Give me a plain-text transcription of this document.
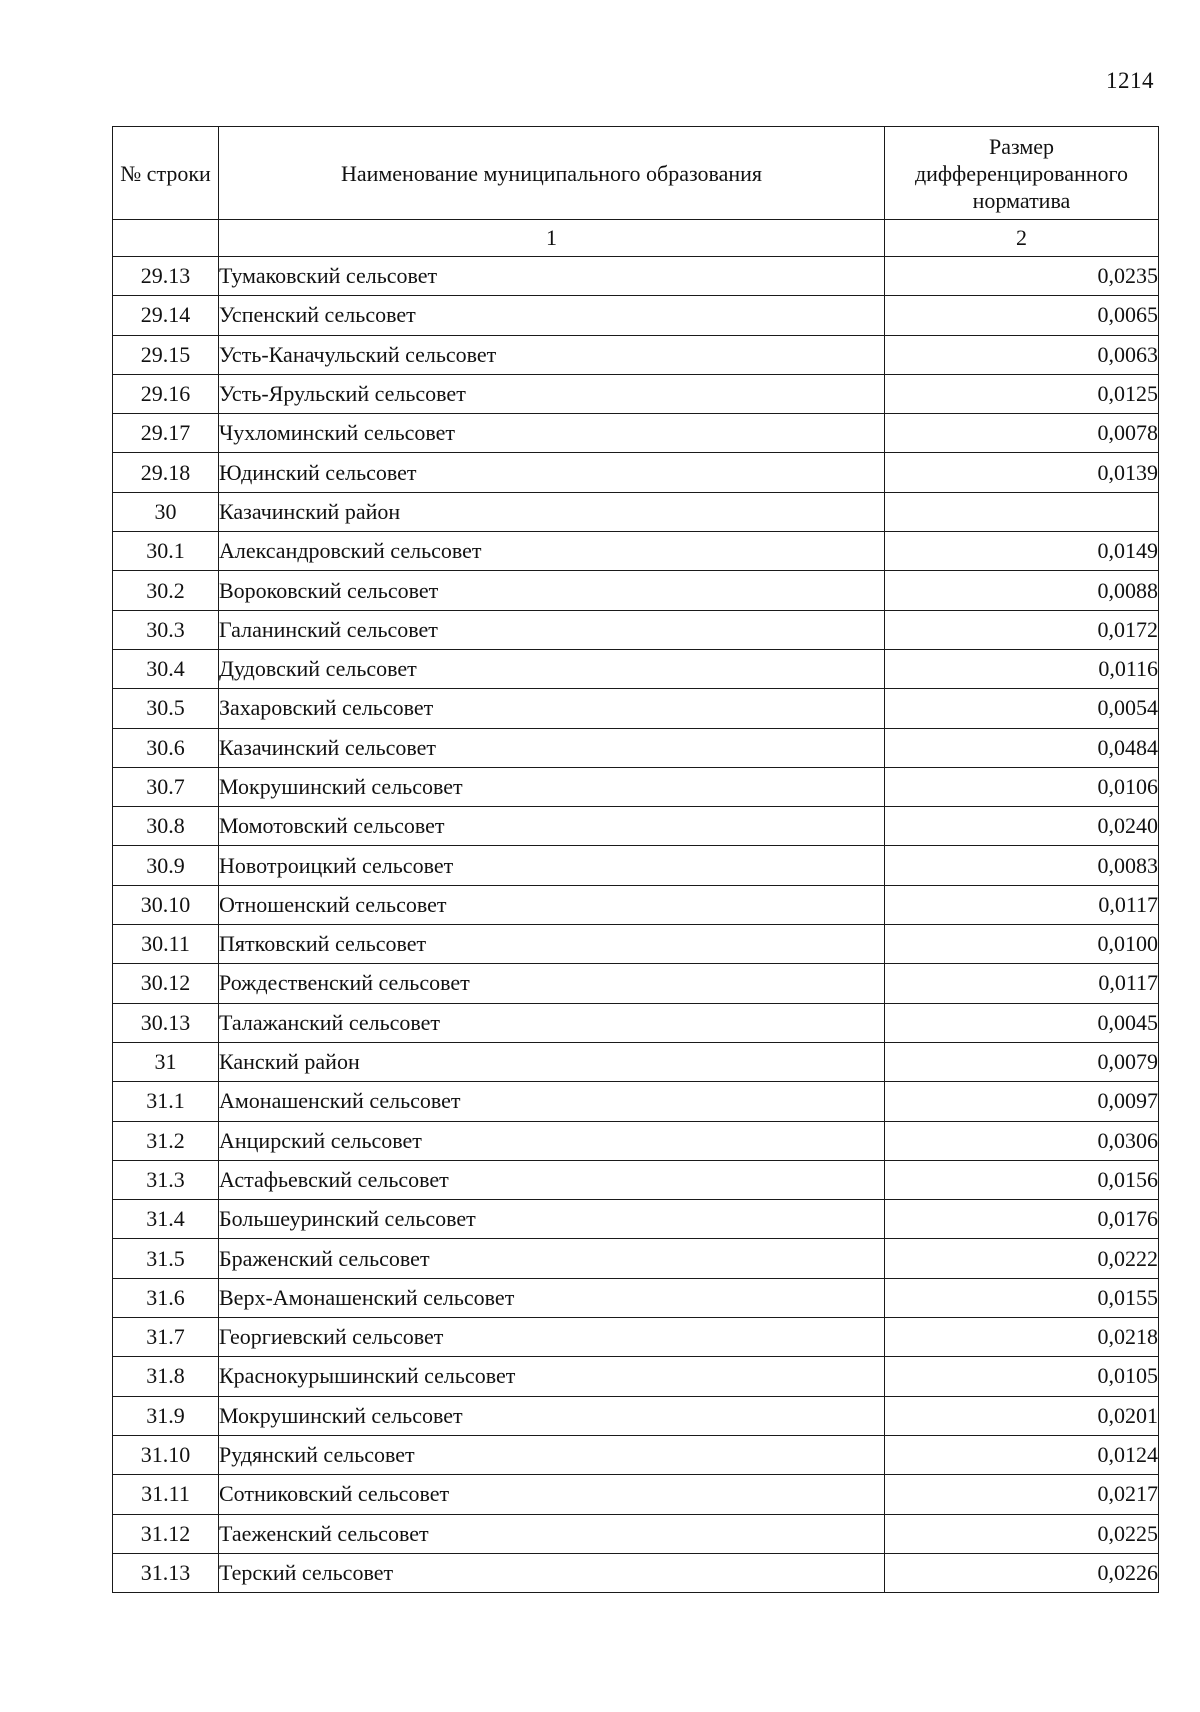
1214
№ строки	Наименование муниципального образования	Размер дифференцированного норматива
	1	2
29.13	Тумаковский сельсовет	0,0235
29.14	Успенский сельсовет	0,0065
29.15	Усть-Каначульский сельсовет	0,0063
29.16	Усть-Ярульский сельсовет	0,0125
29.17	Чухломинский сельсовет	0,0078
29.18	Юдинский сельсовет	0,0139
30	Казачинский район	
30.1	Александровский сельсовет	0,0149
30.2	Вороковский сельсовет	0,0088
30.3	Галанинский сельсовет	0,0172
30.4	Дудовский сельсовет	0,0116
30.5	Захаровский сельсовет	0,0054
30.6	Казачинский сельсовет	0,0484
30.7	Мокрушинский сельсовет	0,0106
30.8	Момотовский сельсовет	0,0240
30.9	Новотроицкий сельсовет	0,0083
30.10	Отношенский сельсовет	0,0117
30.11	Пятковский сельсовет	0,0100
30.12	Рождественский сельсовет	0,0117
30.13	Талажанский сельсовет	0,0045
31	Канский район	0,0079
31.1	Амонашенский сельсовет	0,0097
31.2	Анцирский сельсовет	0,0306
31.3	Астафьевский сельсовет	0,0156
31.4	Большеуринский сельсовет	0,0176
31.5	Браженский сельсовет	0,0222
31.6	Верх-Амонашенский сельсовет	0,0155
31.7	Георгиевский сельсовет	0,0218
31.8	Краснокурышинский сельсовет	0,0105
31.9	Мокрушинский сельсовет	0,0201
31.10	Рудянский сельсовет	0,0124
31.11	Сотниковский сельсовет	0,0217
31.12	Таеженский сельсовет	0,0225
31.13	Терский сельсовет	0,0226
